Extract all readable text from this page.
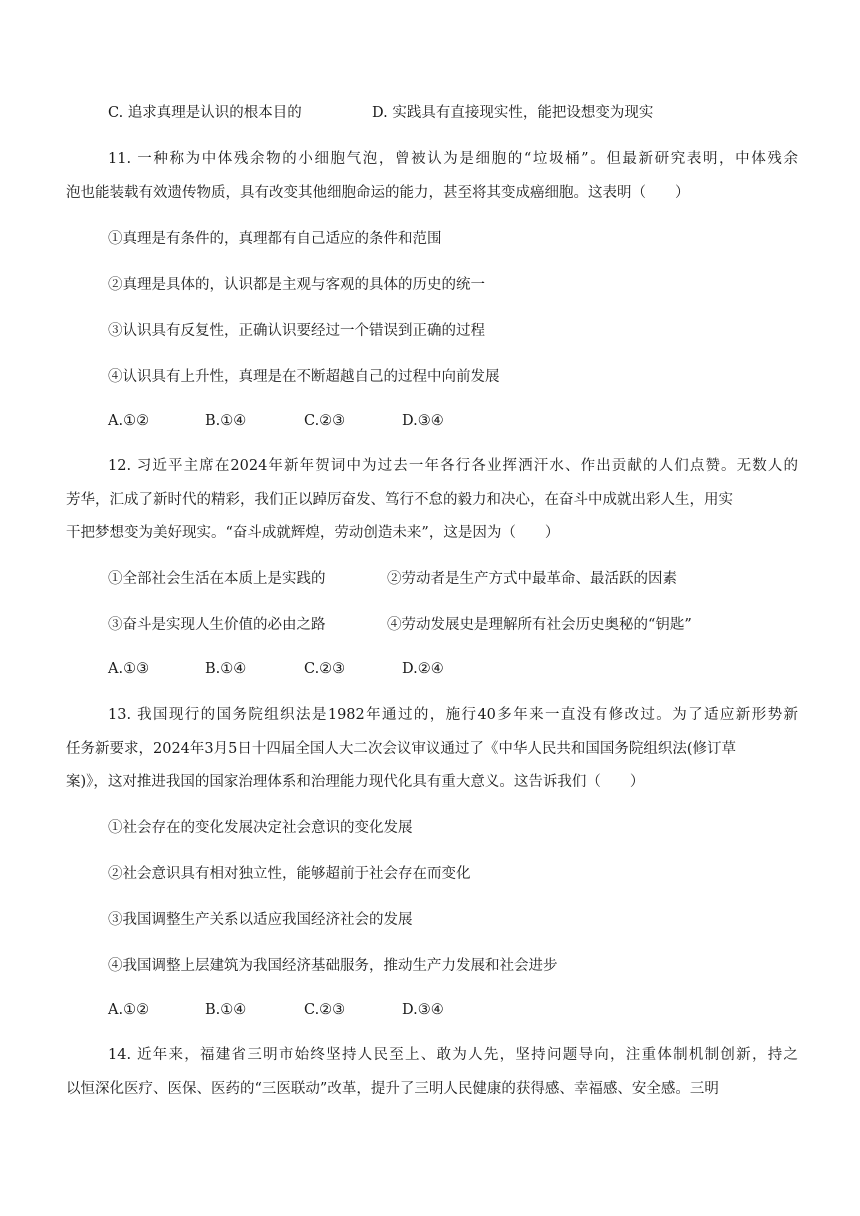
C. 追求真理是认识的根本目的	D. 实践具有直接现实性，能把设想变为现实
11. 一种称为中体残余物的小细胞气泡，曾被认为是细胞的“垃圾桶”。但最新研究表明，中体残余
泡也能装载有效遗传物质，具有改变其他细胞命运的能力，甚至将其变成癌细胞。这表明（　　）
①真理是有条件的，真理都有自己适应的条件和范围
②真理是具体的，认识都是主观与客观的具体的历史的统一
③认识具有反复性，正确认识要经过一个错误到正确的过程
④认识具有上升性，真理是在不断超越自己的过程中向前发展
A.①②	B.①④	C.②③	D.③④
12. 习近平主席在2024年新年贺词中为过去一年各行各业挥洒汗水、作出贡献的人们点赞。无数人的
芳华，汇成了新时代的精彩，我们正以踔厉奋发、笃行不怠的毅力和决心，在奋斗中成就出彩人生，用实
干把梦想变为美好现实。“奋斗成就辉煌，劳动创造未来”，这是因为（　　）
①全部社会生活在本质上是实践的	②劳动者是生产方式中最革命、最活跃的因素
③奋斗是实现人生价值的必由之路	④劳动发展史是理解所有社会历史奥秘的“钥匙”
A.①③	B.①④	C.②③	D.②④
13. 我国现行的国务院组织法是1982年通过的，施行40多年来一直没有修改过。为了适应新形势新
任务新要求，2024年3月5日十四届全国人大二次会议审议通过了《中华人民共和国国务院组织法(修订草
案)》，这对推进我国的国家治理体系和治理能力现代化具有重大意义。这告诉我们（　　）
①社会存在的变化发展决定社会意识的变化发展
②社会意识具有相对独立性，能够超前于社会存在而变化
③我国调整生产关系以适应我国经济社会的发展
④我国调整上层建筑为我国经济基础服务，推动生产力发展和社会进步
A.①②	B.①④	C.②③	D.③④
14. 近年来，福建省三明市始终坚持人民至上、敢为人先，坚持问题导向，注重体制机制创新，持之
以恒深化医疗、医保、医药的“三医联动”改革，提升了三明人民健康的获得感、幸福感、安全感。三明
